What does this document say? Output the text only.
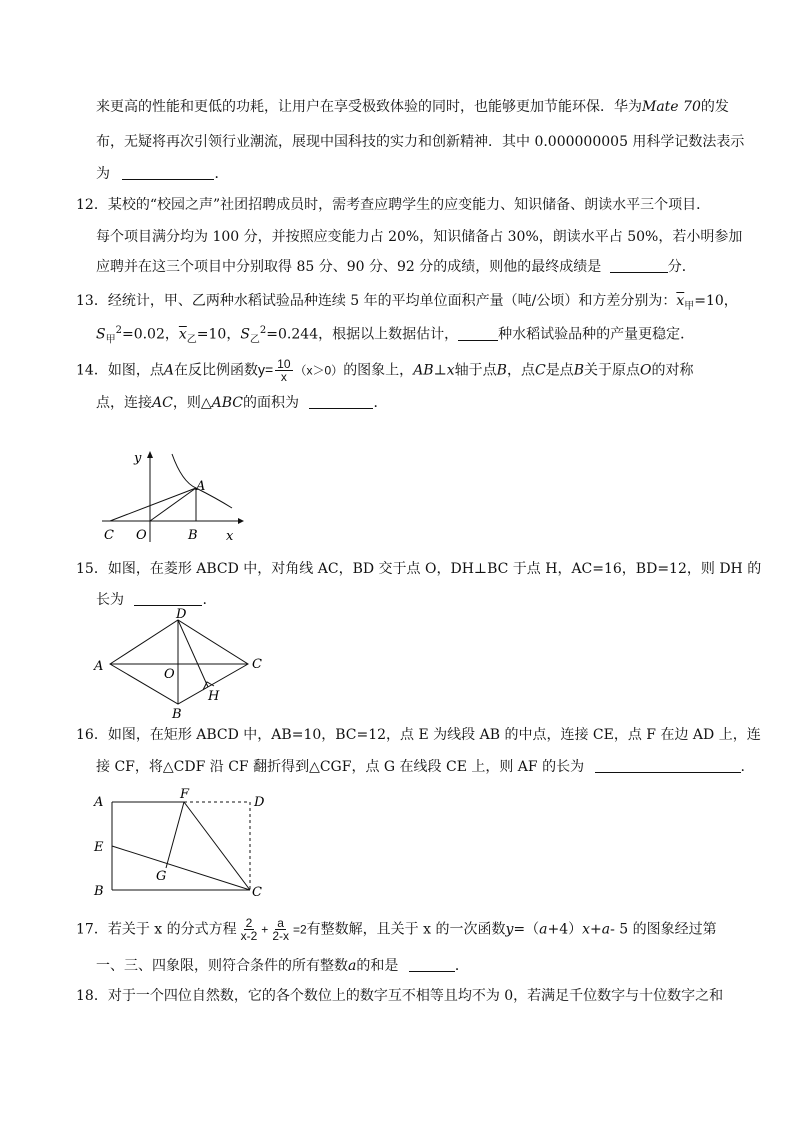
来更高的性能和更低的功耗，让用户在享受极致体验的同时，也能够更加节能环保．华为Mate 70的发
布，无疑将再次引领行业潮流，展现中国科技的实力和创新精神．其中 0.000000005 用科学记数法表示
为	．
12．某校的“校园之声”社团招聘成员时，需考查应聘学生的应变能力、知识储备、朗读水平三个项目．
每个项目满分均为 100 分，并按照应变能力占 20%，知识储备占 30%，朗读水平占 50%，若小明参加
应聘并在这三个项目中分别取得 85 分、90 分、92 分的成绩，则他的最终成绩是	分．
13．经统计，甲、乙两种水稻试验品种连续 5 年的平均单位面积产量（吨/公顷）和方差分别为：$\overline{x}_甲=10$，
$S_甲^2=0.02$，$\overline{x}_乙=10$，$S_乙^2=0.244$，根据以上数据估计，	种水稻试验品种的产量更稳定．
14．如图，点A在反比例函数$y= \frac{10}{x} (x>0)$的图象上，AB⊥x轴于点B，点C是点B关于原点O的对称
点，连接AC，则△ABC的面积为	．
y
x
A
B
C O
15．如图，在菱形 ABCD 中，对角线 AC，BD 交于点 O，DH⊥BC 于点 H，AC=16，BD=12，则 DH 的
长为	.
A
B
C
D
O
H
16．如图，在矩形 ABCD 中，AB=10，BC=12，点 E 为线段 AB 的中点，连接 CE，点 F 在边 AD 上，连
接 CF，将△CDF 沿 CF 翻折得到△CGF，点 G 在线段 CE 上，则 AF 的长为	.
A
E
B
F
D
G
C
17．若关于 x 的分式方程 $\frac{2}{x-2} + \frac{a}{2-x} =2$有整数解，且关于 x 的一次函数y=（a+4）x+a- 5 的图象经过第
一、三、四象限，则符合条件的所有整数a的和是	．
18．对于一个四位自然数，它的各个数位上的数字互不相等且均不为 0，若满足千位数字与十位数字之和
